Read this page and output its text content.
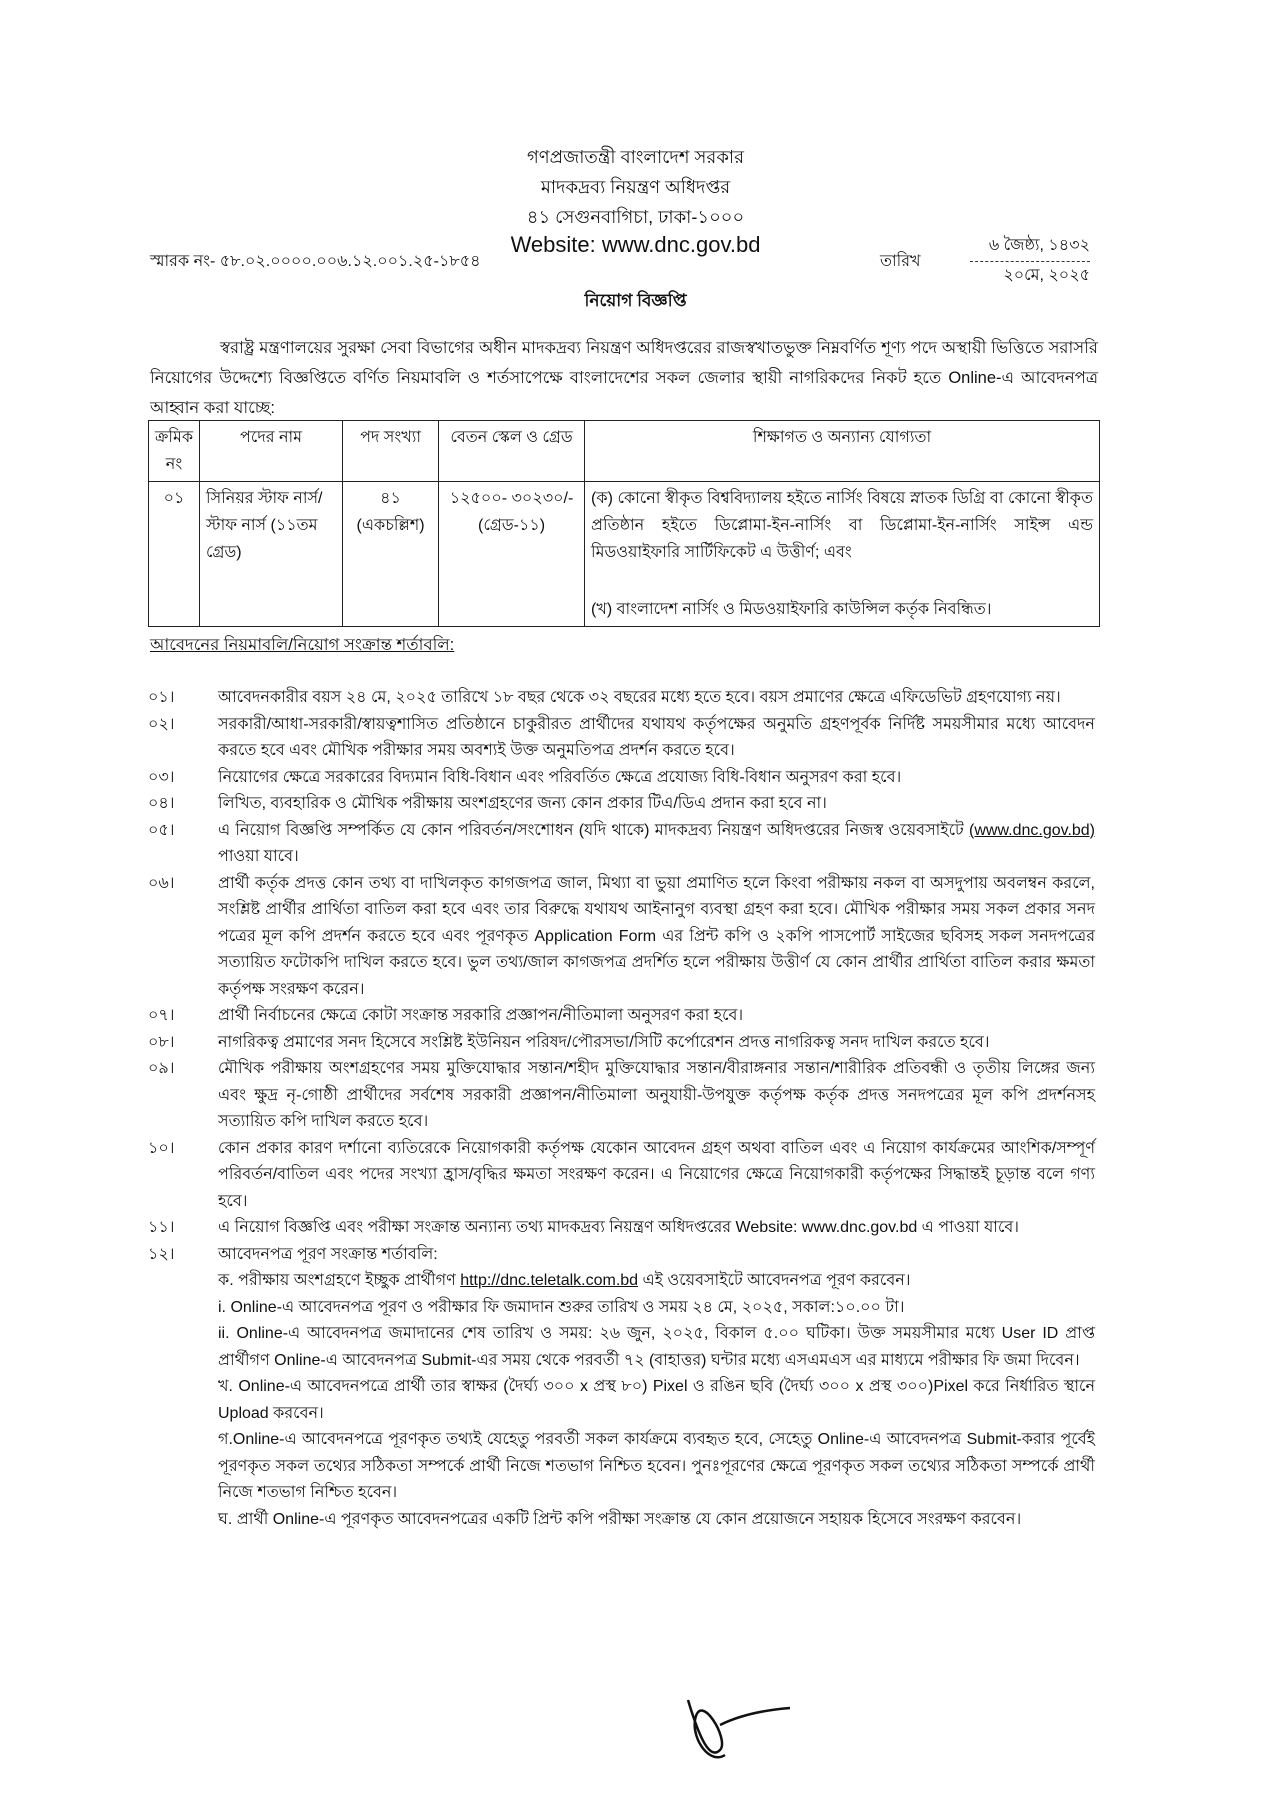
গণপ্রজাতন্ত্রী বাংলাদেশ সরকার
মাদকদ্রব্য নিয়ন্ত্রণ অধিদপ্তর
৪১ সেগুনবাগিচা, ঢাকা-১০০০
Website: www.dnc.gov.bd
স্মারক নং- ৫৮.০২.০০০০.০০৬.১২.০০১.২৫-১৮৫৪	তারিখ
৬ জৈষ্ঠ্য, ১৪৩২
২০মে, ২০২৫
নিয়োগ বিজ্ঞপ্তি
স্বরাষ্ট্র মন্ত্রণালয়ের সুরক্ষা সেবা বিভাগের অধীন মাদকদ্রব্য নিয়ন্ত্রণ অধিদপ্তরের রাজস্বখাতভুক্ত নিম্নবর্ণিত শূণ্য পদে অস্থায়ী ভিত্তিতে সরাসরি নিয়োগের উদ্দেশ্যে বিজ্ঞপ্তিতে বর্ণিত নিয়মাবলি ও শর্তসাপেক্ষে বাংলাদেশের সকল জেলার স্থায়ী নাগরিকদের নিকট হতে Online-এ আবেদনপত্র আহ্বান করা যাচ্ছে:
ক্রমিক নং	পদের নাম	পদ সংখ্যা	বেতন স্কেল ও গ্রেড	শিক্ষাগত ও অন্যান্য যোগ্যতা
০১	সিনিয়র স্টাফ নার্স/স্টাফ নার্স (১১তম গ্রেড)	৪১ (একচল্লিশ)	১২৫০০- ৩০২৩০/- (গ্রেড-১১)	(ক) কোনো স্বীকৃত বিশ্ববিদ্যালয় হইতে নার্সিং বিষয়ে স্নাতক ডিগ্রি বা কোনো স্বীকৃত প্রতিষ্ঠান হইতে ডিপ্লোমা-ইন-নার্সিং বা ডিপ্লোমা-ইন-নার্সিং সাইন্স এন্ড মিডওয়াইফারি সার্টিফিকেট এ উত্তীর্ণ; এবং
(খ) বাংলাদেশ নার্সিং ও মিডওয়াইফারি কাউন্সিল কর্তৃক নিবন্ধিত।
আবেদনের নিয়মাবলি/নিয়োগ সংক্রান্ত শর্তাবলি:
০১।	আবেদনকারীর বয়স ২৪ মে, ২০২৫ তারিখে ১৮ বছর থেকে ৩২ বছরের মধ্যে হতে হবে। বয়স প্রমাণের ক্ষেত্রে এফিডেভিট গ্রহণযোগ্য নয়।
০২।	সরকারী/আধা-সরকারী/স্বায়ত্বশাসিত প্রতিষ্ঠানে চাকুরীরত প্রার্থীদের যথাযথ কর্তৃপক্ষের অনুমতি গ্রহণপূর্বক নির্দিষ্ট সময়সীমার মধ্যে আবেদন করতে হবে এবং মৌখিক পরীক্ষার সময় অবশ্যই উক্ত অনুমতিপত্র প্রদর্শন করতে হবে।
০৩।	নিয়োগের ক্ষেত্রে সরকারের বিদ্যমান বিধি-বিধান এবং পরিবর্তিত ক্ষেত্রে প্রযোজ্য বিধি-বিধান অনুসরণ করা হবে।
০৪।	লিখিত, ব্যবহারিক ও মৌখিক পরীক্ষায় অংশগ্রহণের জন্য কোন প্রকার টিএ/ডিএ প্রদান করা হবে না।
০৫।	এ নিয়োগ বিজ্ঞপ্তি সম্পর্কিত যে কোন পরিবর্তন/সংশোধন (যদি থাকে) মাদকদ্রব্য নিয়ন্ত্রণ অধিদপ্তরের নিজস্ব ওয়েবসাইটে (www.dnc.gov.bd) পাওয়া যাবে।
০৬।	প্রার্থী কর্তৃক প্রদত্ত কোন তথ্য বা দাখিলকৃত কাগজপত্র জাল, মিথ্যা বা ভুয়া প্রমাণিত হলে কিংবা পরীক্ষায় নকল বা অসদুপায় অবলম্বন করলে, সংশ্লিষ্ট প্রার্থীর প্রার্থিতা বাতিল করা হবে এবং তার বিরুদ্ধে যথাযথ আইনানুগ ব্যবস্থা গ্রহণ করা হবে। মৌখিক পরীক্ষার সময় সকল প্রকার সনদ পত্রের মূল কপি প্রদর্শন করতে হবে এবং পূরণকৃত Application Form এর প্রিন্ট কপি ও ২কপি পাসপোর্ট সাইজের ছবিসহ সকল সনদপত্রের সত্যায়িত ফটোকপি দাখিল করতে হবে। ভুল তথ্য/জাল কাগজপত্র প্রদর্শিত হলে পরীক্ষায় উত্তীর্ণ যে কোন প্রার্থীর প্রার্থিতা বাতিল করার ক্ষমতা কর্তৃপক্ষ সংরক্ষণ করেন।
০৭।	প্রার্থী নির্বাচনের ক্ষেত্রে কোটা সংক্রান্ত সরকারি প্রজ্ঞাপন/নীতিমালা অনুসরণ করা হবে।
০৮।	নাগরিকত্ব প্রমাণের সনদ হিসেবে সংশ্লিষ্ট ইউনিয়ন পরিষদ/পৌরসভা/সিটি কর্পোরেশন প্রদত্ত নাগরিকত্ব সনদ দাখিল করতে হবে।
০৯।	মৌখিক পরীক্ষায় অংশগ্রহণের সময় মুক্তিযোদ্ধার সন্তান/শহীদ মুক্তিযোদ্ধার সন্তান/বীরাঙ্গনার সন্তান/শারীরিক প্রতিবন্ধী ও তৃতীয় লিঙ্গের জন্য এবং ক্ষুদ্র নৃ-গোষ্ঠী প্রার্থীদের সর্বশেষ সরকারী প্রজ্ঞাপন/নীতিমালা অনুযায়ী-উপযুক্ত কর্তৃপক্ষ কর্তৃক প্রদত্ত সনদপত্রের মূল কপি প্রদর্শনসহ সত্যায়িত কপি দাখিল করতে হবে।
১০।	কোন প্রকার কারণ দর্শানো ব্যতিরেকে নিয়োগকারী কর্তৃপক্ষ যেকোন আবেদন গ্রহণ অথবা বাতিল এবং এ নিয়োগ কার্যক্রমের আংশিক/সম্পূর্ণ পরিবর্তন/বাতিল এবং পদের সংখ্যা হ্রাস/বৃদ্ধির ক্ষমতা সংরক্ষণ করেন। এ নিয়োগের ক্ষেত্রে নিয়োগকারী কর্তৃপক্ষের সিদ্ধান্তই চূড়ান্ত বলে গণ্য হবে।
১১।	এ নিয়োগ বিজ্ঞপ্তি এবং পরীক্ষা সংক্রান্ত অন্যান্য তথ্য মাদকদ্রব্য নিয়ন্ত্রণ অধিদপ্তরের Website: www.dnc.gov.bd এ পাওয়া যাবে।
১২।	আবেদনপত্র পূরণ সংক্রান্ত শর্তাবলি:
ক. পরীক্ষায় অংশগ্রহণে ইচ্ছুক প্রার্থীগণ http://dnc.teletalk.com.bd এই ওয়েবসাইটে আবেদনপত্র পূরণ করবেন।
i. Online-এ আবেদনপত্র পূরণ ও পরীক্ষার ফি জমাদান শুরুর তারিখ ও সময় ২৪ মে, ২০২৫, সকাল:১০.০০ টা।
ii. Online-এ আবেদনপত্র জমাদানের শেষ তারিখ ও সময়: ২৬ জুন, ২০২৫, বিকাল ৫.০০ ঘটিকা। উক্ত সময়সীমার মধ্যে User ID প্রাপ্ত প্রার্থীগণ Online-এ আবেদনপত্র Submit-এর সময় থেকে পরবর্তী ৭২ (বাহাত্তর) ঘন্টার মধ্যে এসএমএস এর মাধ্যমে পরীক্ষার ফি জমা দিবেন।
খ. Online-এ আবেদনপত্রে প্রার্থী তার স্বাক্ষর (দৈর্ঘ্য ৩০০ x প্রস্থ ৮০) Pixel ও রঙিন ছবি (দৈর্ঘ্য ৩০০ x প্রস্থ ৩০০)Pixel করে নির্ধারিত স্থানে Upload করবেন।
গ.Online-এ আবেদনপত্রে পূরণকৃত তথ্যই যেহেতু পরবর্তী সকল কার্যক্রমে ব্যবহৃত হবে, সেহেতু Online-এ আবেদনপত্র Submit-করার পূর্বেই পূরণকৃত সকল তথ্যের সঠিকতা সম্পর্কে প্রার্থী নিজে শতভাগ নিশ্চিত হবেন। পুনঃপূরণের ক্ষেত্রে পূরণকৃত সকল তথ্যের সঠিকতা সম্পর্কে প্রার্থী নিজে শতভাগ নিশ্চিত হবেন।
ঘ. প্রার্থী Online-এ পূরণকৃত আবেদনপত্রের একটি প্রিন্ট কপি পরীক্ষা সংক্রান্ত যে কোন প্রয়োজনে সহায়ক হিসেবে সংরক্ষণ করবেন।
